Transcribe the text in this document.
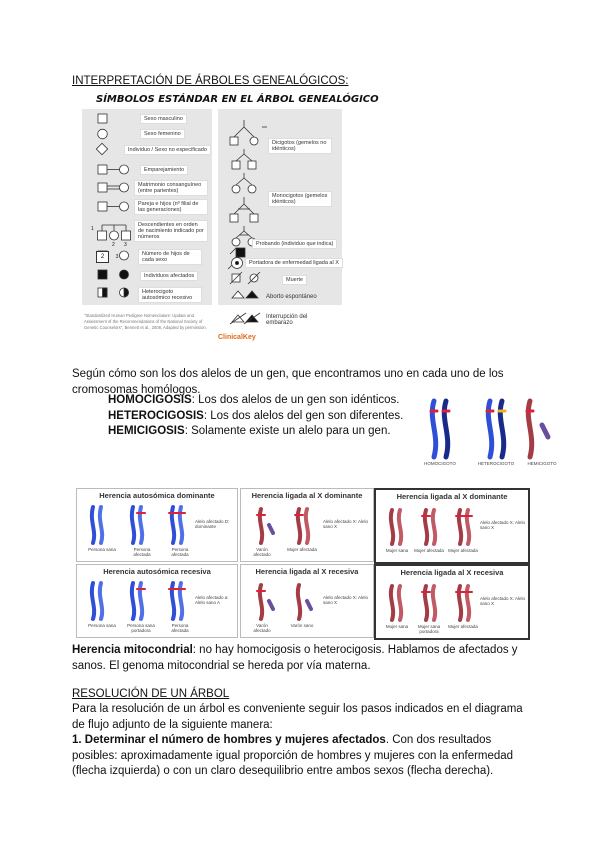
INTERPRETACIÓN DE ÁRBOLES GENEALÓGICOS:
SÍMBOLOS ESTÁNDAR EN EL ÁRBOL GENEALÓGICO
3
Sexo masculino
Sexo femenino
Individuo / Sexo no especificado
Emparejamiento
Matrimonio consanguíneo (entre parientes)
Pareja e hijos (nº filial de las generaciones)
Descendientes en orden de nacimiento indicado por números
Número de hijos de cada sexo
Individuos afectados
Heterocigoto autosómico recesivo
2
1
2 3
Dicigotos (gemelos no idénticos)
Monocigotos (gemelos idénticos)
Probando (individuo que indica)
Portadora de enfermedad ligada al X
Muerte
Aborto espontáneo
Interrupción del embarazo
"Standardized Human Pedigree Nomenclature: Update and Assessment of the Recommendations of the National Society of Genetic Counselors", Bennett et al., 2008, Adapted by permission.
ClinicalKey
Según cómo son los dos alelos de un gen, que encontramos uno en cada uno de los cromosomas homólogos.
HOMOCIGOSIS: Los dos alelos de un gen son idénticos.
HETEROCIGOSIS: Los dos alelos del gen son diferentes.
HEMICIGOSIS: Solamente existe un alelo para un gen.
HOMOCIGOTO	HETEROCIGOTO	HEMICIGOTO
Herencia autosómica dominante
Alelo afectado D: dominante
Persona sana	Persona afectada
Persona afectada
Herencia ligada al X dominante
Alelo afectado X: Alelo sano X
Varón afectado
Mujer afectada
Herencia ligada al X dominante
Alelo afectado X: Alelo sano X
Mujer sana	Mujer afectada Mujer afectada
Herencia autosómica recesiva
Alelo afectado a: Alelo sano A
Persona sana	Persona sana portadora
Persona afectada
Herencia ligada al X recesiva
Alelo afectado X: Alelo sano X
Varón afectado
Varón sano
Herencia ligada al X recesiva
Alelo afectado X: Alelo sano X
Mujer sana	Mujer sana portadora
Mujer afectada
Herencia mitocondrial: no hay homocigosis o heterocigosis. Hablamos de afectados y sanos. El genoma mitocondrial se hereda por vía materna.
RESOLUCIÓN DE UN ÁRBOL
Para la resolución de un árbol es conveniente seguir los pasos indicados en el diagrama de flujo adjunto de la siguiente manera:
1. Determinar el número de hombres y mujeres afectados. Con dos resultados posibles: aproximadamente igual proporción de hombres y mujeres con la enfermedad (flecha izquierda) o con un claro desequilibrio entre ambos sexos (flecha derecha).
